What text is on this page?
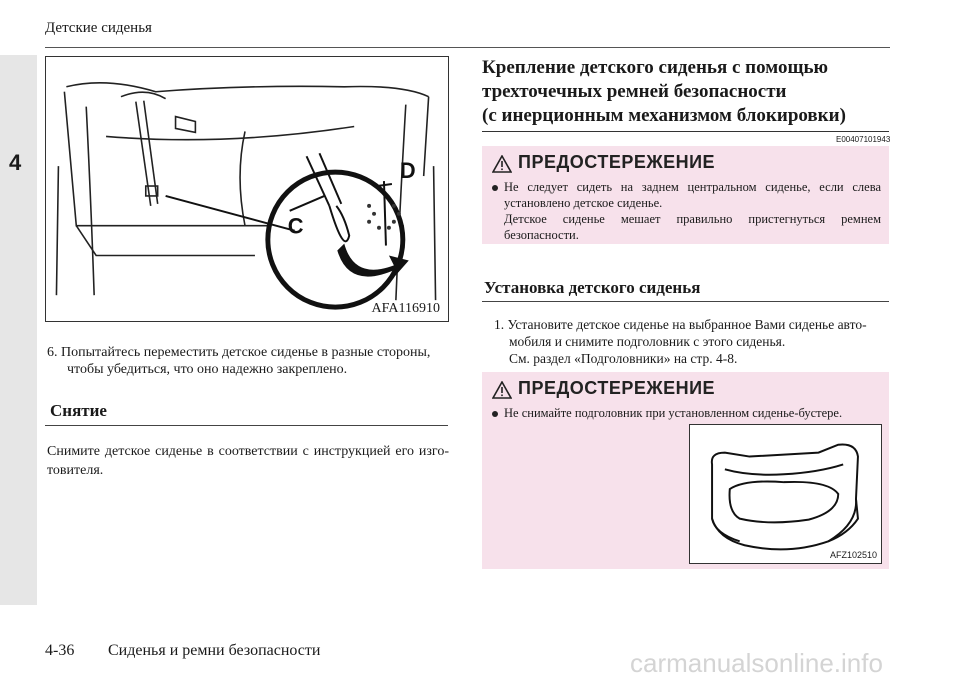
Детские сиденья
4
C
D
AFA116910
6. Попытайтесь переместить детское сиденье в разные стороны,
чтобы убедиться, что оно надежно закреплено.
Снятие
Снимите детское сиденье в соответствии с инструкцией его изго-товителя.
Крепление детского сиденья с помощью
трехточечных ремней безопасности
(с инерционным механизмом блокировки)
E00407101943
ПРЕДОСТЕРЕЖЕНИЕ
Не следует сидеть на заднем центральном сиденье, если слева установлено детское сиденье.
Детское сиденье мешает правильно пристегнуться ремнем безопасности.
Установка детского сиденья
1. Установите детское сиденье на выбранное Вами сиденье авто-
мобиля и снимите подголовник с этого сиденья.
См. раздел «Подголовники» на стр. 4-8.
ПРЕДОСТЕРЕЖЕНИЕ
Не снимайте подголовник при установленном сиденье-бустере.
AFZ102510
4-36 Сиденья и ремни безопасности	carmanualsonline.info
